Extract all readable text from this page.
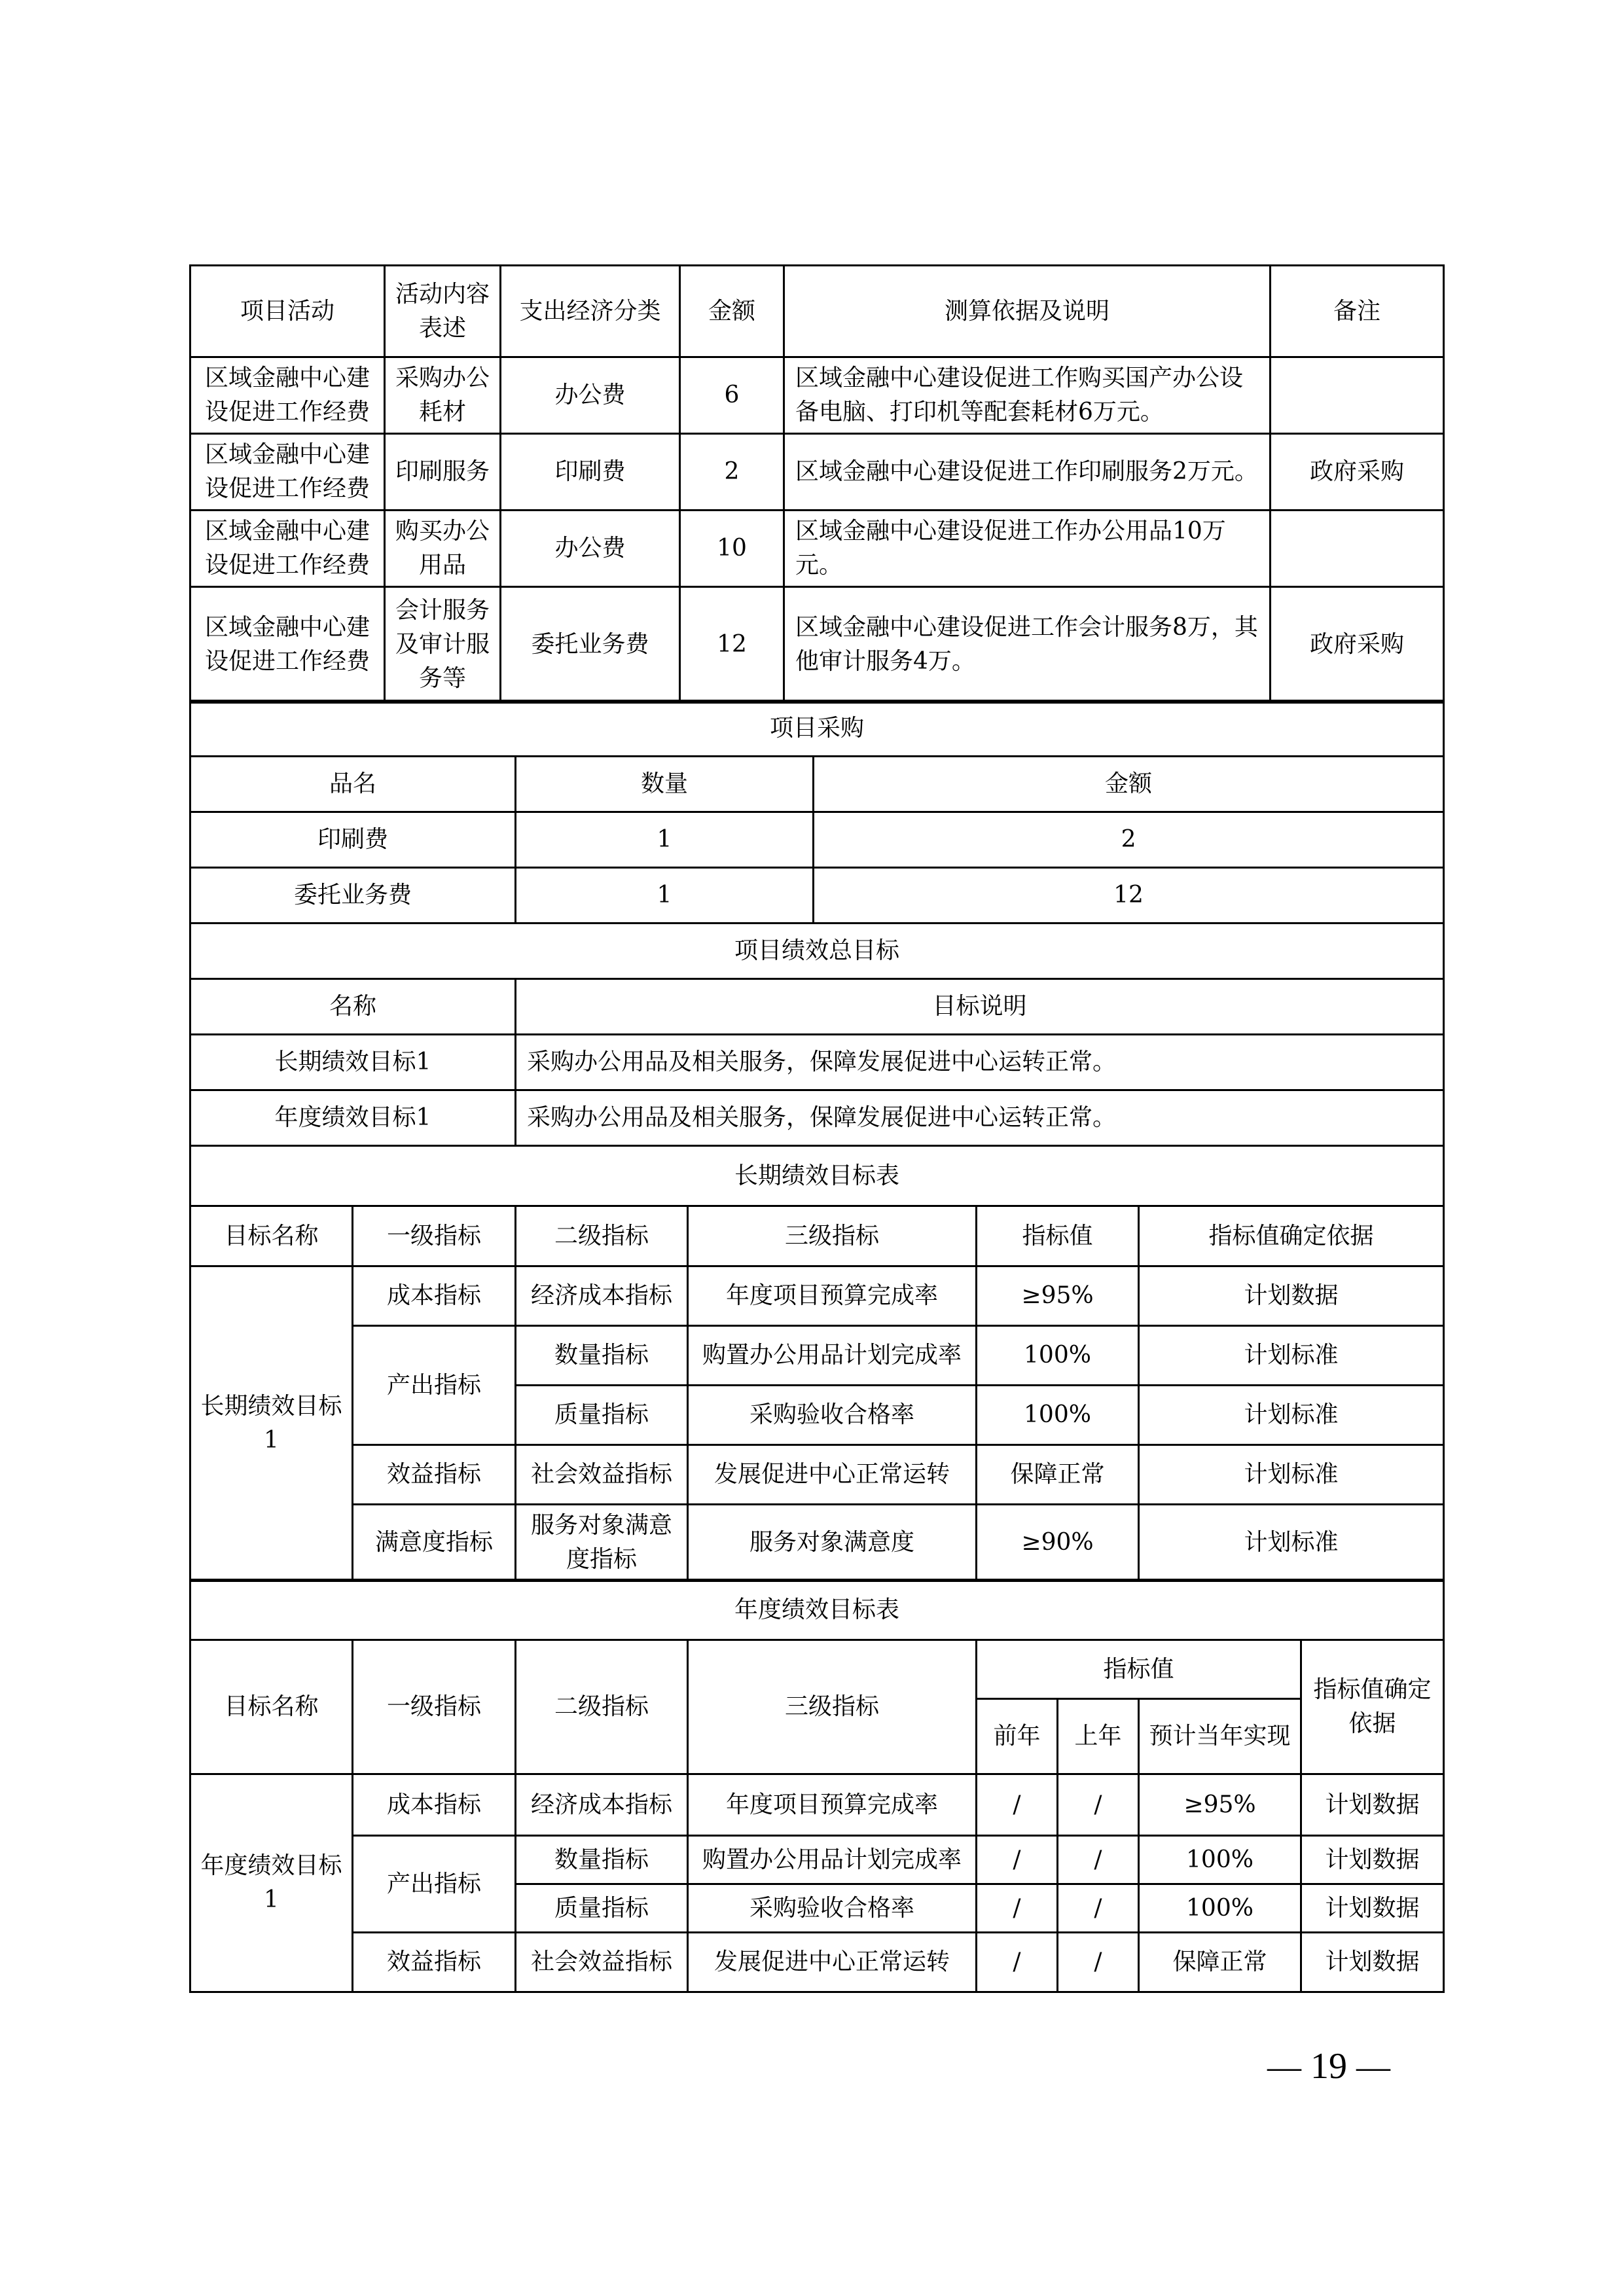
项目活动	活动内容表述	支出经济分类	金额	测算依据及说明	备注
区域金融中心建设促进工作经费	采购办公耗材	办公费	6	区域金融中心建设促进工作购买国产办公设备电脑、打印机等配套耗材6万元。	
区域金融中心建设促进工作经费	印刷服务	印刷费	2	区域金融中心建设促进工作印刷服务2万元。	政府采购
区域金融中心建设促进工作经费	购买办公用品	办公费	10	区域金融中心建设促进工作办公用品10万元。	
区域金融中心建设促进工作经费	会计服务及审计服务等	委托业务费	12	区域金融中心建设促进工作会计服务8万，其他审计服务4万。	政府采购
项目采购		
品名	数量	金额
印刷费	1	2
委托业务费	1	12
项目绩效总目标	
名称	目标说明
长期绩效目标1	采购办公用品及相关服务，保障发展促进中心运转正常。
年度绩效目标1	采购办公用品及相关服务，保障发展促进中心运转正常。
长期绩效目标表					
目标名称	一级指标	二级指标	三级指标	指标值	指标值确定依据
长期绩效目标1	成本指标	经济成本指标	年度项目预算完成率	≥95%	计划数据
	产出指标	数量指标	购置办公用品计划完成率	100%	计划标准
		质量指标	采购验收合格率	100%	计划标准
	效益指标	社会效益指标	发展促进中心正常运转	保障正常	计划标准
	满意度指标	服务对象满意度指标	服务对象满意度	≥90%	计划标准
年度绩效目标表							
目标名称	一级指标	二级指标	三级指标	指标值			指标值确定依据
				前年	上年	预计当年实现	
年度绩效目标1	成本指标	经济成本指标	年度项目预算完成率	/	/	≥95%	计划数据
	产出指标	数量指标	购置办公用品计划完成率	/	/	100%	计划数据
		质量指标	采购验收合格率	/	/	100%	计划数据
	效益指标	社会效益指标	发展促进中心正常运转	/	/	保障正常	计划数据
— 19 —
